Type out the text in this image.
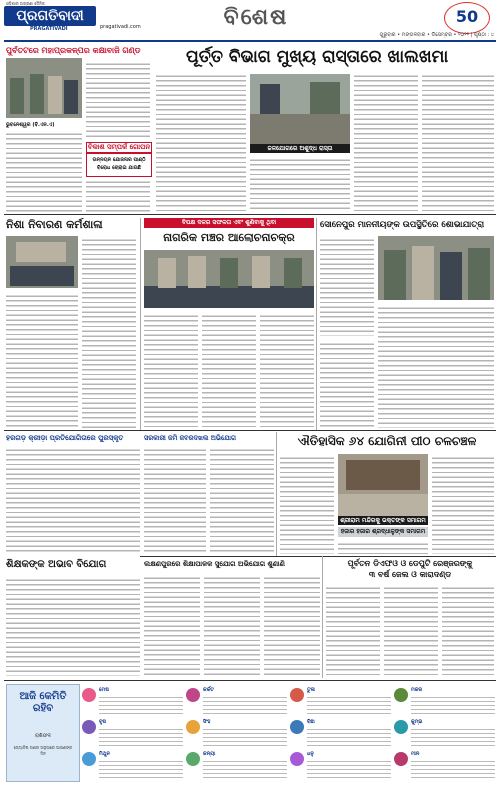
ଓଡ଼ିଶାର ଅଗ୍ରଣୀ ଦୈନିକ
ପ୍ରଗତିବାଦୀ
PRAGATIVADI	pragativadi.com	ବିଶେଷ	50
ଗୁରୁବାର • ମଙ୍ଗଳବାର • ଡିସେମ୍ବର • ୨୦୨୨ | ପୃଷ୍ଠା : ୪
ପୁର୍ବତଟରେ ମହାପ୍ରକଳ୍ପର କକ୍ଷାବାଜି ଗଣ୍ଡ
ଭୁବନେଶ୍ୱର (ବି.ଏନ.ଏ)
ବିକାଶ ସମ୍ପର୍କ ଗୋପନ
ଉନ୍ନୟନ ଯୋଜନାର ପାଣ୍ଠି
ବିରୋଧ ଚୋରାଇ ଯାଉଛି
ପୂର୍ତ୍ତ ବିଭାଗ ମୁଖ୍ୟ ରାସ୍ତାରେ ଖାଲଖମା
ଜଳଯୋଗରେ ଅଶୁଦ୍ଧ ରାସ୍ତା
ନିଶା ନିବାରଣ କର୍ମଶାଳା	ବିପକ୍ଷ ଦଳର ସଫଳତା ଏବଂ ଶୁଣିବାକୁ ଥିବା
ନାଗରିକ ମଞ୍ଚର ଆଲୋଚନାଚକ୍ର
ସୋନେପୁର ମାନନୀୟଙ୍କ ଉପସ୍ଥିତିରେ ଶୋଭାଯାତ୍ରା
ହରଗଡ଼ କ୍ରୀଡ଼ା ପ୍ରତିଯୋଗିତାରେ ପୁରସ୍କୃତ	ସରକାରୀ ଜମି ଜବରଦଖଲ ଅଭିଯୋଗ	ଐତିହାସିକ ୬୪ ଯୋଗିନୀ ପୀଠ ଚଳଚଞ୍ଚଳ
ଶ୍ରୀରାମ ମନ୍ଦିରକୁ ଭକ୍ତଙ୍କ ସମାଗମ
ହଜାର ହଜାର ଶ୍ରଦ୍ଧାଳୁଙ୍କ ସମାଗମ
ଶିକ୍ଷକଙ୍କ ଅଭାବ ବିଯୋଗ	ଲକ୍ଷଣପୁରରେ ଶିକ୍ଷାପାଳକ ସୁଯୋଗ ଅଭିଯୋଗ ଶୁଣାଣି	ପୂର୍ବତନ ଡିଏଫଓ ଓ ଡେପୁଟି ରେଞ୍ଜରଙ୍କୁ
୩ ବର୍ଷ ଜେଲ ଓ କାରାଦଣ୍ଡ
ଆଜି କେମିତି ରହିବ
ରାଶିଫଳ
ଜ୍ୟୋତିଷ ଗଣନା ଅନୁସାରେ ଆପଣଙ୍କ ଦିନ
ମେଷ
ବୃଷ
ମିଥୁନ
କର୍କଟ
ସିଂହ
କନ୍ୟା
ତୁଳା
ବିଛା
ଧନୁ
ମକର
କୁମ୍ଭ
ମୀନ
